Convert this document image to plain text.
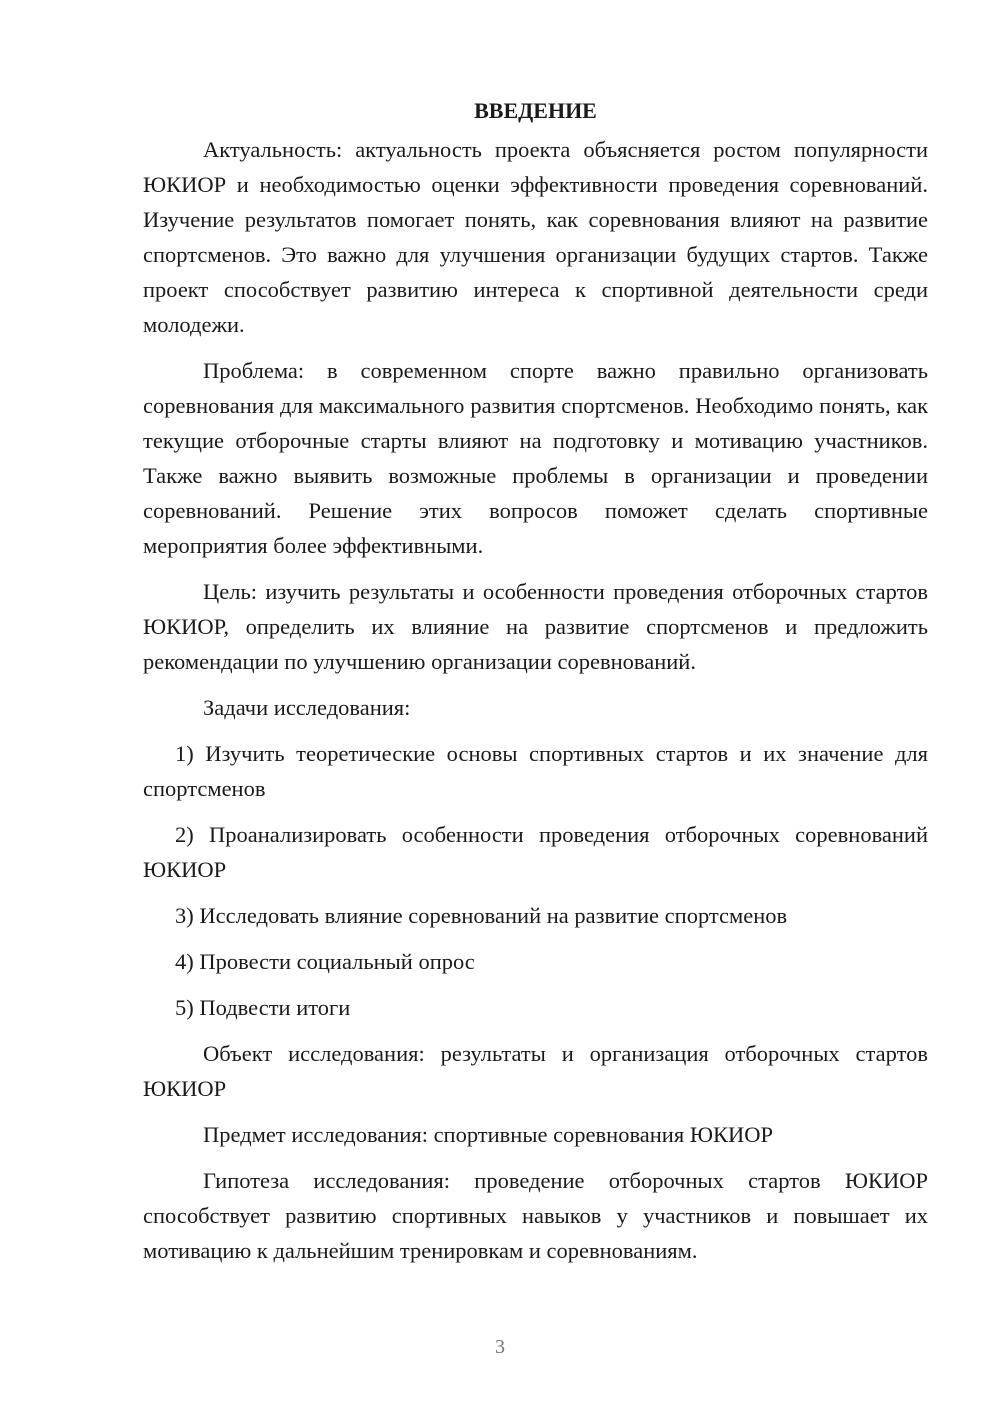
ВВЕДЕНИЕ

Актуальность: актуальность проекта объясняется ростом популярности ЮКИОР и необходимостью оценки эффективности проведения соревнований. Изучение результатов помогает понять, как соревнования влияют на развитие спортсменов. Это важно для улучшения организации будущих стартов. Также проект способствует развитию интереса к спортивной деятельности среди молодежи.

Проблема: в современном спорте важно правильно организовать соревнования для максимального развития спортсменов. Необходимо понять, как текущие отборочные старты влияют на подготовку и мотивацию участников. Также важно выявить возможные проблемы в организации и проведении соревнований. Решение этих вопросов поможет сделать спортивные мероприятия более эффективными.

Цель: изучить результаты и особенности проведения отборочных стартов ЮКИОР, определить их влияние на развитие спортсменов и предложить рекомендации по улучшению организации соревнований.

Задачи исследования:

1) Изучить теоретические основы спортивных стартов и их значение для спортсменов

2) Проанализировать особенности проведения отборочных соревнований ЮКИОР

3) Исследовать влияние соревнований на развитие спортсменов

4) Провести социальный опрос

5) Подвести итоги

Объект исследования: результаты и организация отборочных стартов ЮКИОР

Предмет исследования: спортивные соревнования ЮКИОР

Гипотеза исследования: проведение отборочных стартов ЮКИОР способствует развитию спортивных навыков у участников и повышает их мотивацию к дальнейшим тренировкам и соревнованиям.

3
